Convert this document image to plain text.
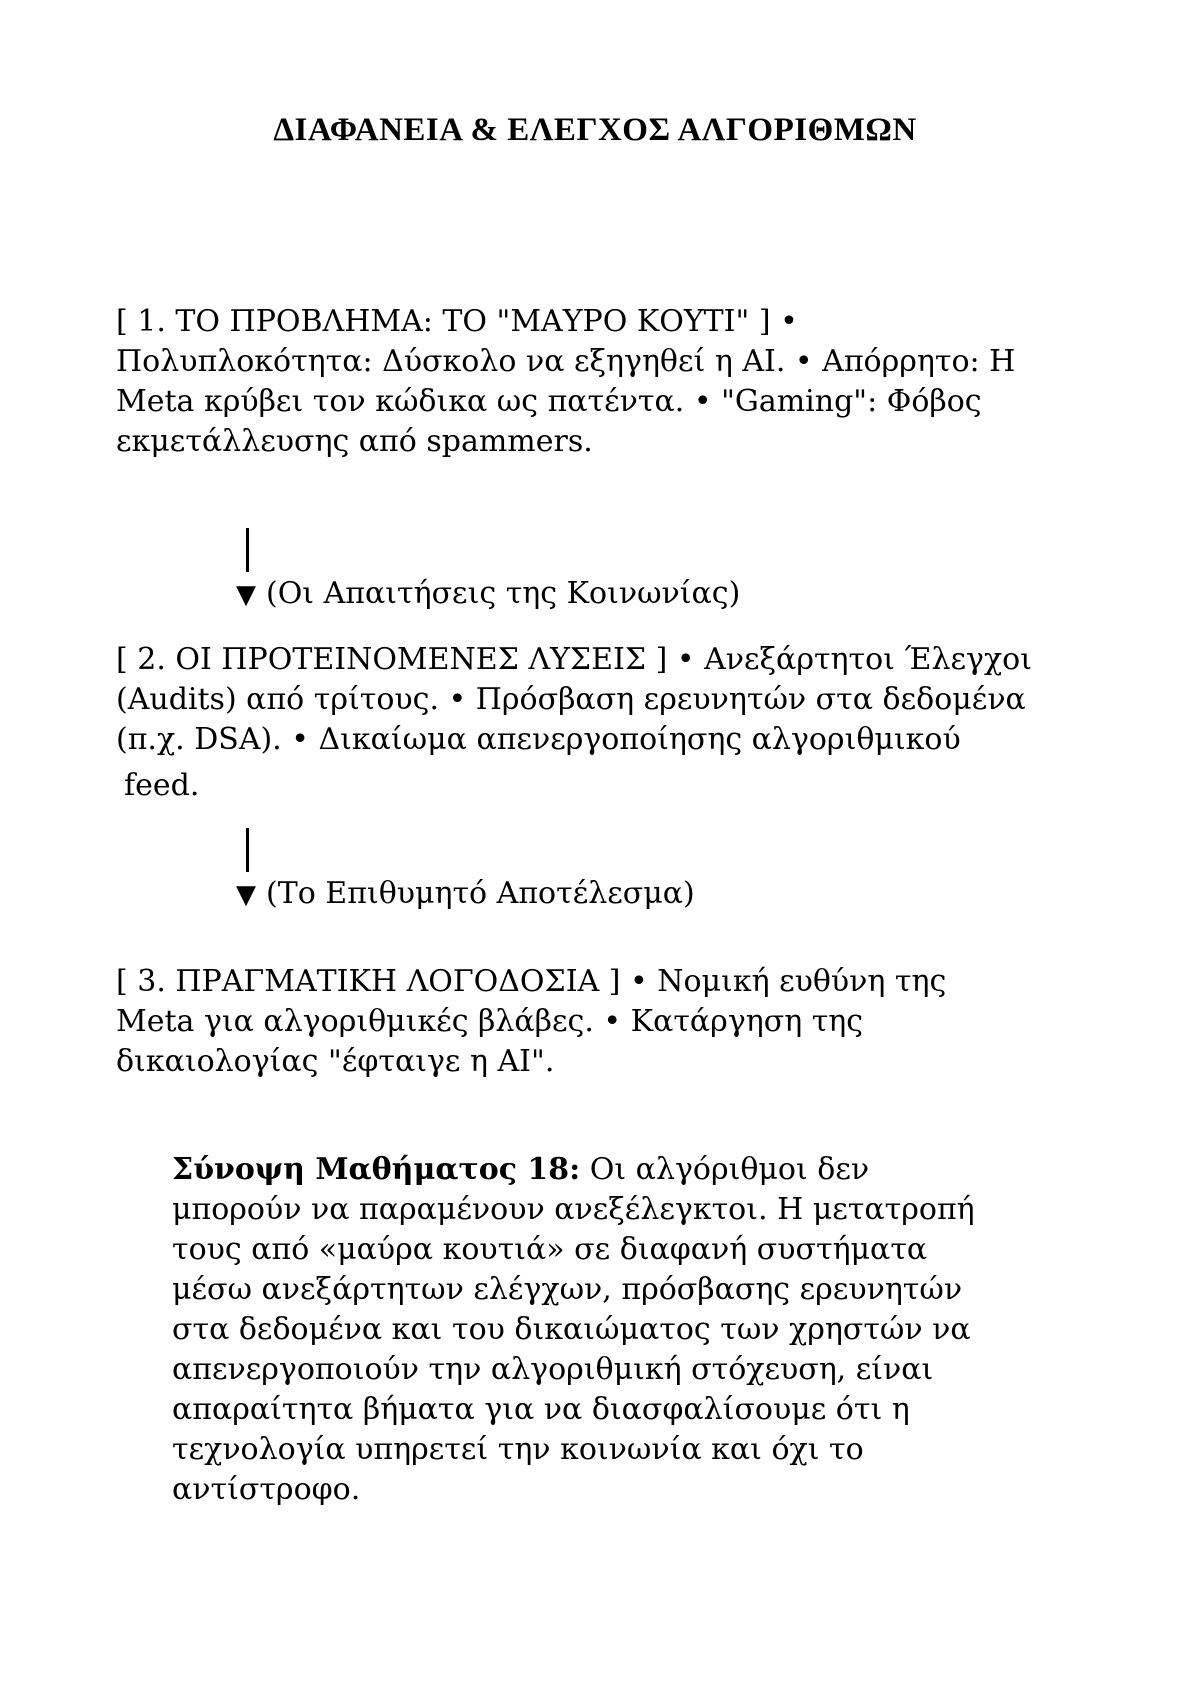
ΔΙΑΦΑΝΕΙΑ & ΕΛΕΓΧΟΣ ΑΛΓΟΡΙΘΜΩΝ
[ 1. ΤΟ ΠΡΟΒΛΗΜΑ: ΤΟ "ΜΑΥΡΟ ΚΟΥΤΙ" ] •
Πολυπλοκότητα: Δύσκολο να εξηγηθεί η AI. • Απόρρητο: Η
Meta κρύβει τον κώδικα ως πατέντα. • "Gaming": Φόβος
εκμετάλλευσης από spammers.
▼ (Οι Απαιτήσεις της Κοινωνίας)
[ 2. ΟΙ ΠΡΟΤΕΙΝΟΜΕΝΕΣ ΛΥΣΕΙΣ ] • Ανεξάρτητοι Έλεγχοι
(Audits) από τρίτους. • Πρόσβαση ερευνητών στα δεδομένα
(π.χ. DSA). • Δικαίωμα απενεργοποίησης αλγοριθμικού
feed.
▼ (Το Επιθυμητό Αποτέλεσμα)
[ 3. ΠΡΑΓΜΑΤΙΚΗ ΛΟΓΟΔΟΣΙΑ ] • Νομική ευθύνη της
Meta για αλγοριθμικές βλάβες. • Κατάργηση της
δικαιολογίας "έφταιγε η AI".
Σύνοψη Μαθήματος 18: Οι αλγόριθμοι δεν
μπορούν να παραμένουν ανεξέλεγκτοι. Η μετατροπή
τους από «μαύρα κουτιά» σε διαφανή συστήματα
μέσω ανεξάρτητων ελέγχων, πρόσβασης ερευνητών
στα δεδομένα και του δικαιώματος των χρηστών να
απενεργοποιούν την αλγοριθμική στόχευση, είναι
απαραίτητα βήματα για να διασφαλίσουμε ότι η
τεχνολογία υπηρετεί την κοινωνία και όχι το
αντίστροφο.
